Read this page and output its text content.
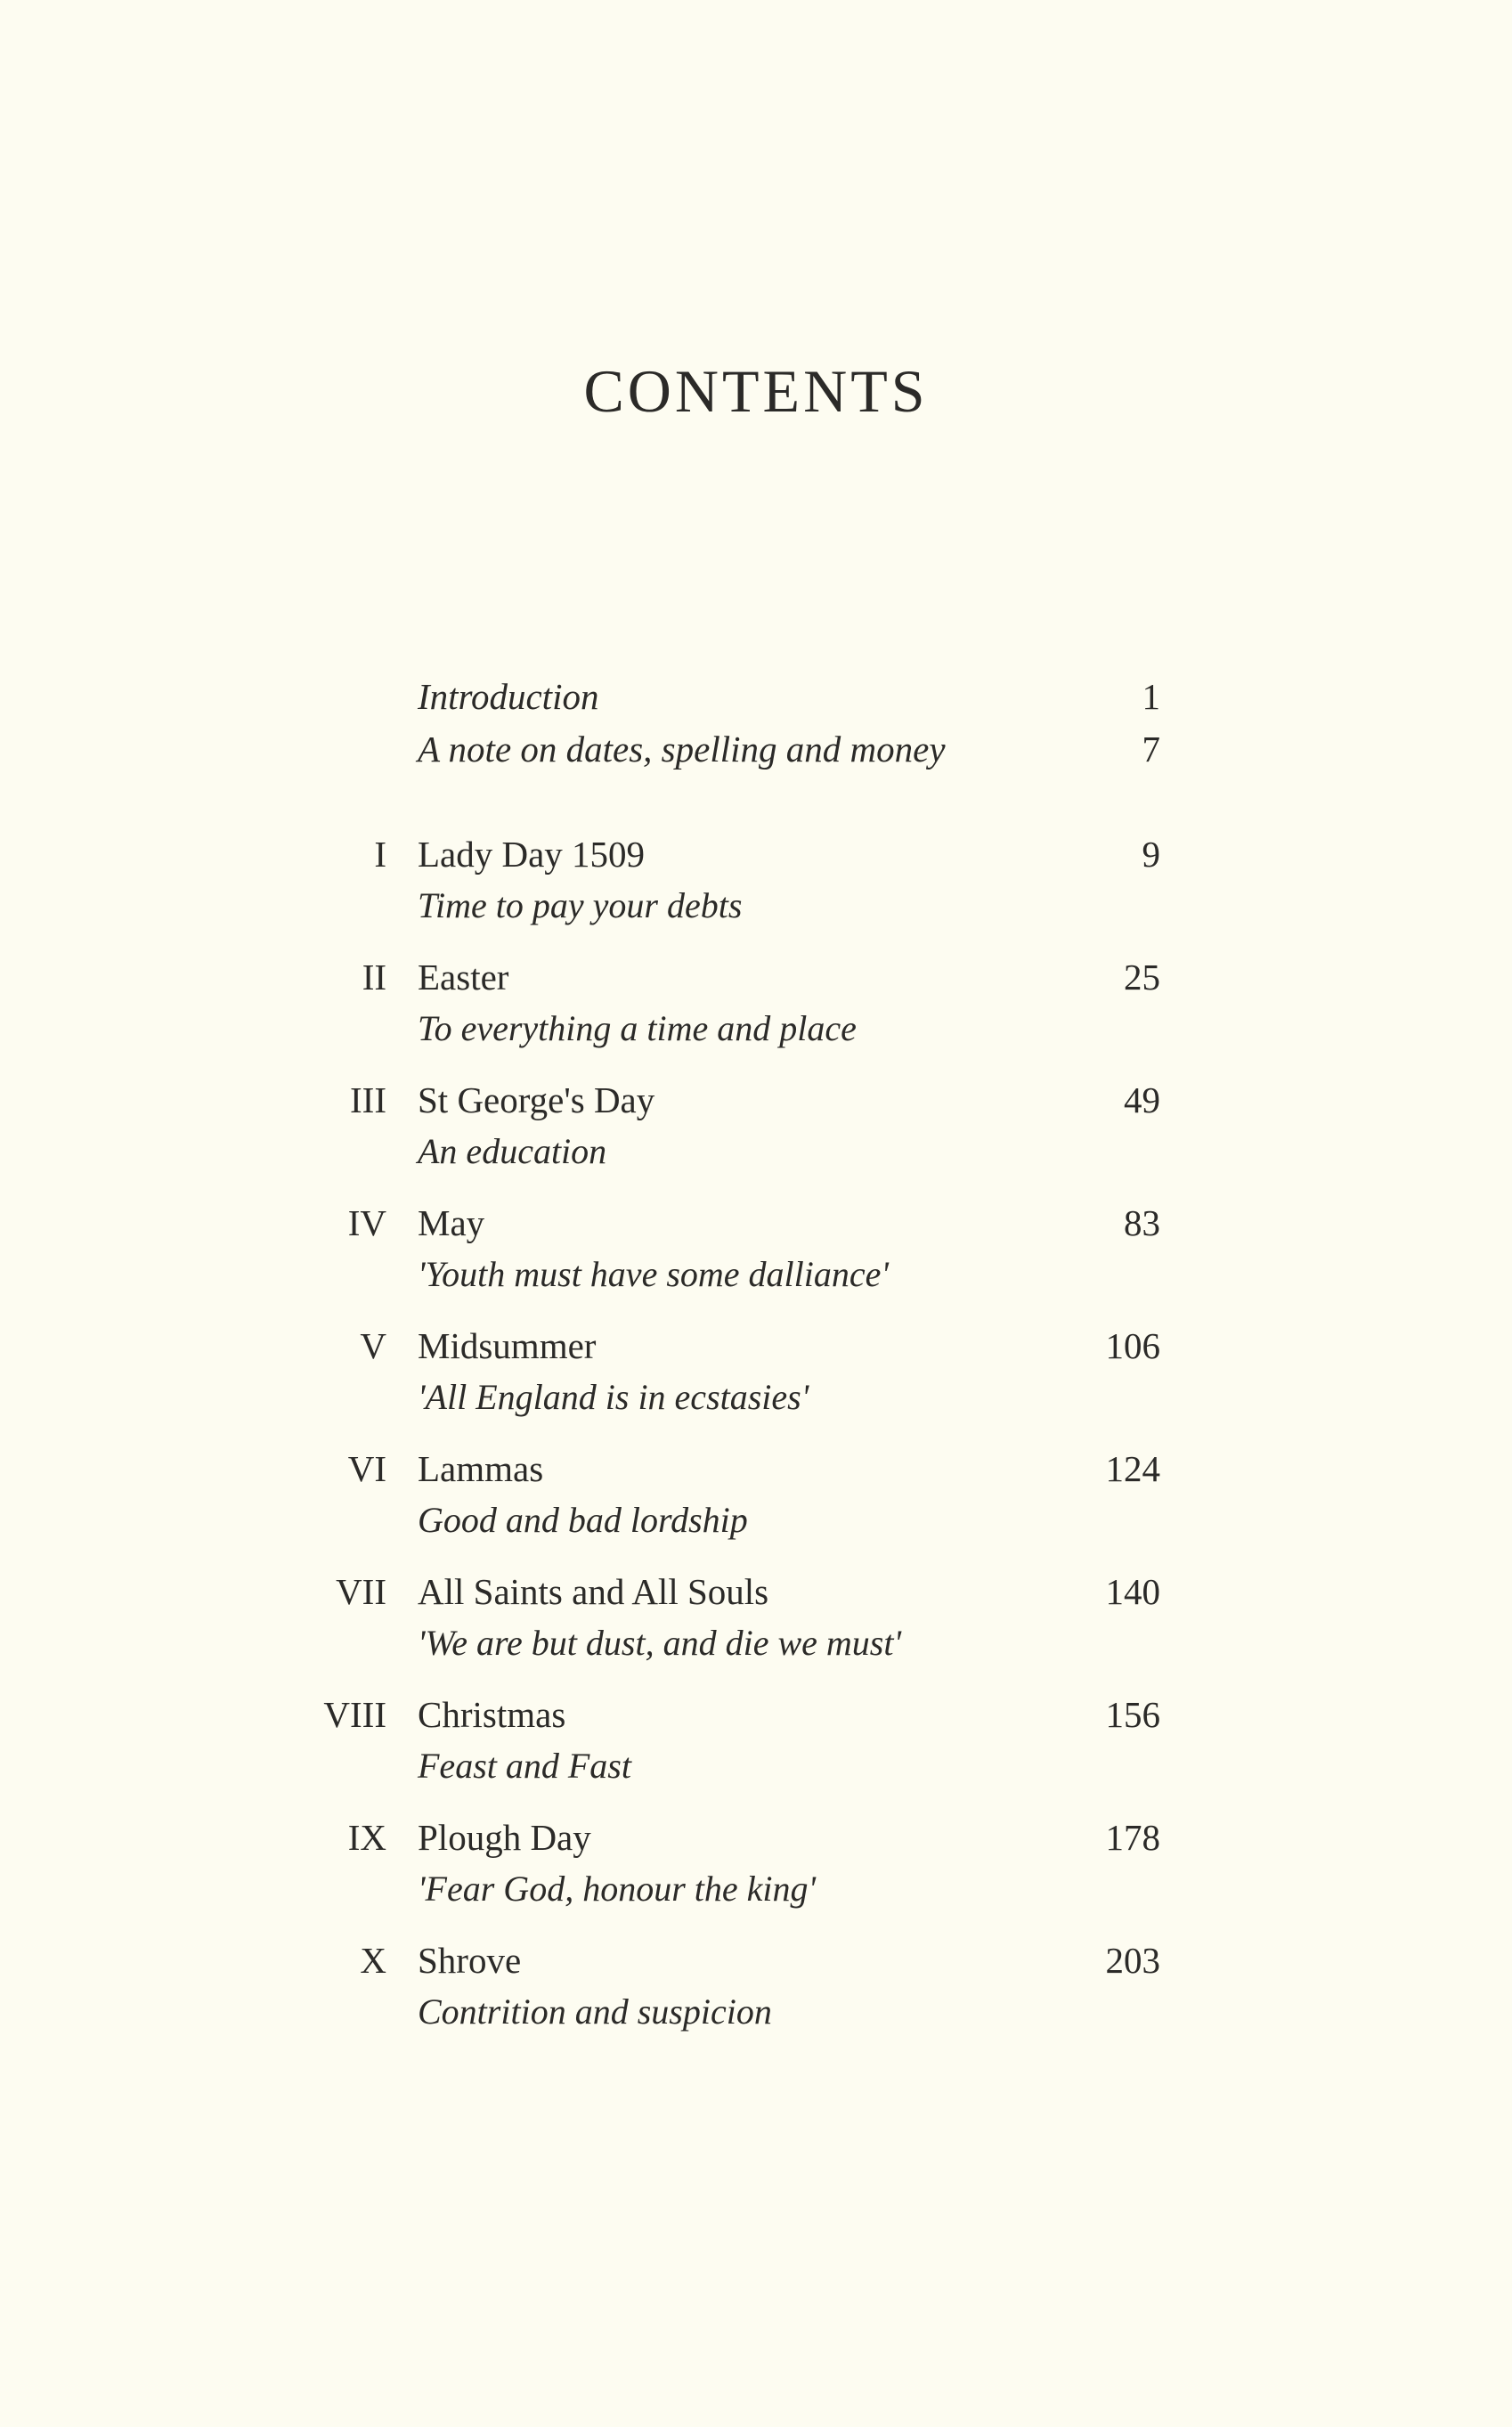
CONTENTS
Introduction	1
A note on dates, spelling and money	7
I Lady Day 1509	9
Time to pay your debts
II Easter	25
To everything a time and place
III St George's Day	49
An education
IV May	83
'Youth must have some dalliance'
V Midsummer	106
'All England is in ecstasies'
VI Lammas	124
Good and bad lordship
VII All Saints and All Souls	140
'We are but dust, and die we must'
VIII Christmas	156
Feast and Fast
IX Plough Day	178
'Fear God, honour the king'
X Shrove	203
Contrition and suspicion
